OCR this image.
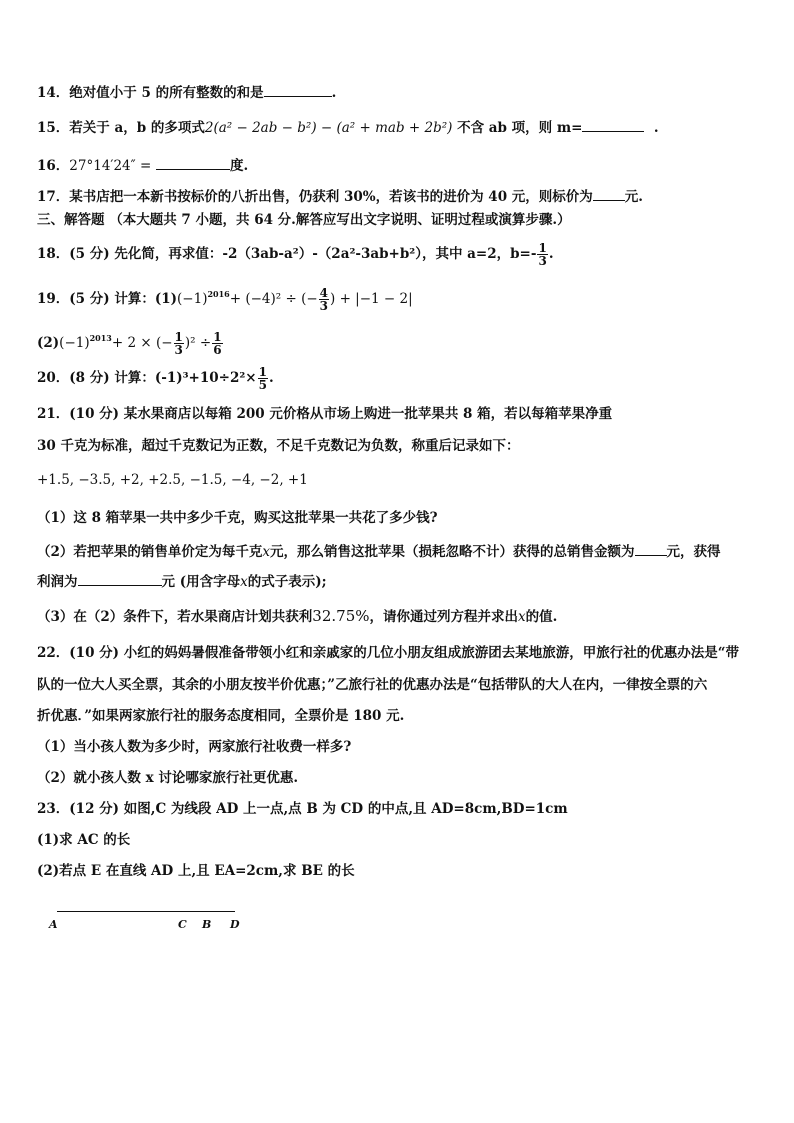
14．绝对值小于 5 的所有整数的和是	.
15．若关于 a，b 的多项式2(a² − 2ab − b²) − (a² + mab + 2b²) 不含 ab 项，则 m=	.
16．27°14′24″ =	度.
17．某书店把一本新书按标价的八折出售，仍获利 30%，若该书的进价为 40 元，则标价为 元.
三、解答题 （本大题共 7 小题，共 64 分.解答应写出文字说明、证明过程或演算步骤.）
18．(5 分) 先化简，再求值：-2（3ab-a²）-（2a²-3ab+b²），其中 a=2，$b=- \frac{1}{3}$ .
19．(5 分) 计算：$(1)(-1)^{2016}+ (-4)^2$ ÷ (− $\frac{4}{3}$ ) + |−1 − 2|
$(2)(-1)^{2013}+ 2$ × (− $\frac{1}{3} )^2 \div \frac{1}{6}$
20．(8 分) 计算：$(-1)^3+10\div 2^2\times \frac{1}{5}$ .
21．(10 分) 某水果商店以每箱 200 元价格从市场上购进一批苹果共 8 箱，若以每箱苹果净重
30 千克为标准，超过千克数记为正数，不足千克数记为负数，称重后记录如下：
+1.5, −3.5, +2, +2.5, −1.5, −4, −2, +1
（1）这 8 箱苹果一共中多少千克，购买这批苹果一共花了多少钱?
（2）若把苹果的销售单价定为每千克x元，那么销售这批苹果（损耗忽略不计）获得的总销售金额为 元，获得
利润为	元 (用含字母x的式子表示);
（3）在（2）条件下，若水果商店计划共获利32.75%，请你通过列方程并求出x的值.
22．(10 分) 小红的妈妈暑假准备带领小红和亲戚家的几位小朋友组成旅游团去某地旅游，甲旅行社的优惠办法是“带
队的一位大人买全票，其余的小朋友按半价优惠；”乙旅行社的优惠办法是“包括带队的大人在内，一律按全票的六
折优惠．”如果两家旅行社的服务态度相同，全票价是 180 元.
（1）当小孩人数为多少时，两家旅行社收费一样多?
（2）就小孩人数 x 讨论哪家旅行社更优惠.
23．(12 分) 如图,C 为线段 AD 上一点,点 B 为 CD 的中点,且 AD=8cm,BD=1cm
(1)求 AC 的长
(2)若点 E 在直线 AD 上,且 EA=2cm,求 BE 的长
A	C B D
